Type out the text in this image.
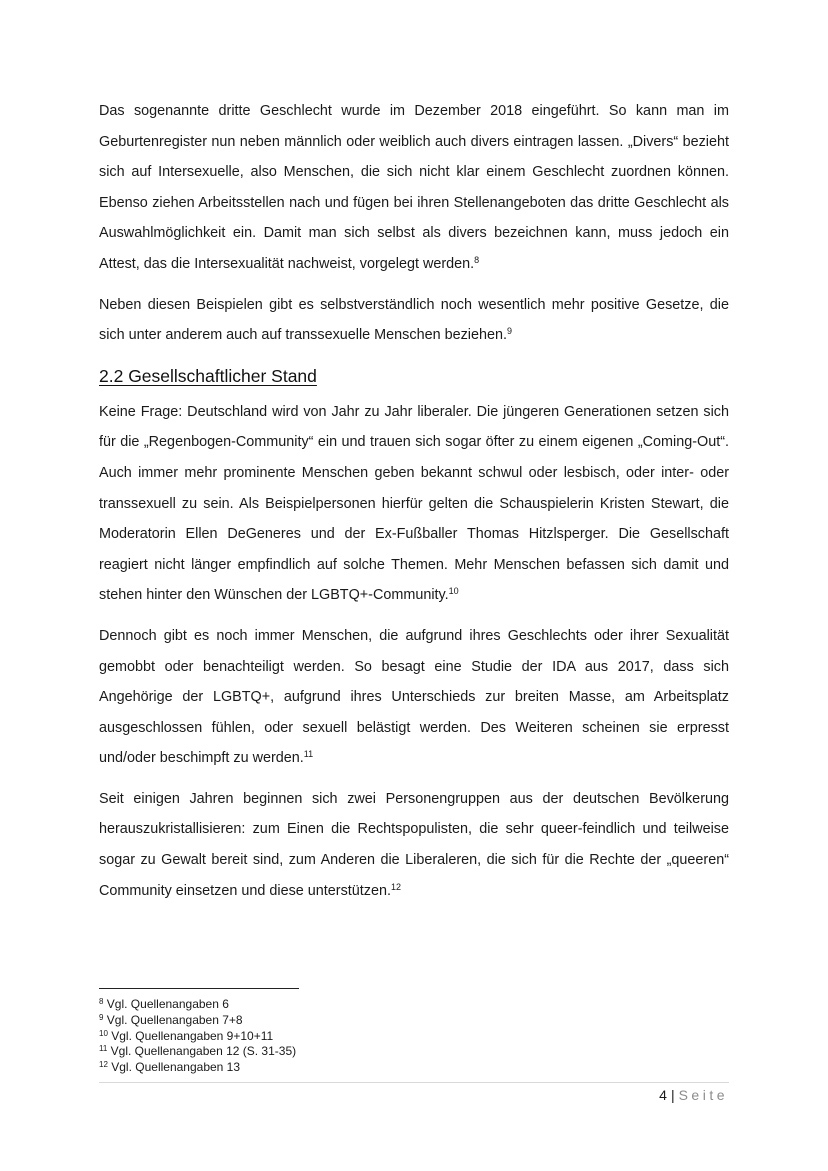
Das sogenannte dritte Geschlecht wurde im Dezember 2018 eingeführt. So kann man im Geburtenregister nun neben männlich oder weiblich auch divers eintragen lassen. „Divers“ bezieht sich auf Intersexuelle, also Menschen, die sich nicht klar einem Geschlecht zuordnen können. Ebenso ziehen Arbeitsstellen nach und fügen bei ihren Stellenangeboten das dritte Geschlecht als Auswahlmöglichkeit ein. Damit man sich selbst als divers bezeichnen kann, muss jedoch ein Attest, das die Intersexualität nachweist, vorgelegt werden.$^8$

Neben diesen Beispielen gibt es selbstverständlich noch wesentlich mehr positive Gesetze, die sich unter anderem auch auf transsexuelle Menschen beziehen.$^9$

2.2 Gesellschaftlicher Stand

Keine Frage: Deutschland wird von Jahr zu Jahr liberaler. Die jüngeren Generationen setzen sich für die „Regenbogen-Community“ ein und trauen sich sogar öfter zu einem eigenen „Coming-Out“. Auch immer mehr prominente Menschen geben bekannt schwul oder lesbisch, oder inter- oder transsexuell zu sein. Als Beispielpersonen hierfür gelten die Schauspielerin Kristen Stewart, die Moderatorin Ellen DeGeneres und der Ex-Fußballer Thomas Hitzlsperger. Die Gesellschaft reagiert nicht länger empfindlich auf solche Themen. Mehr Menschen befassen sich damit und stehen hinter den Wünschen der LGBTQ+-Community.$^{10}$

Dennoch gibt es noch immer Menschen, die aufgrund ihres Geschlechts oder ihrer Sexualität gemobbt oder benachteiligt werden. So besagt eine Studie der IDA aus 2017, dass sich Angehörige der LGBTQ+, aufgrund ihres Unterschieds zur breiten Masse, am Arbeitsplatz ausgeschlossen fühlen, oder sexuell belästigt werden. Des Weiteren scheinen sie erpresst und/oder beschimpft zu werden.$^{11}$

Seit einigen Jahren beginnen sich zwei Personengruppen aus der deutschen Bevölkerung herauszukristallisieren: zum Einen die Rechtspopulisten, die sehr queer-feindlich und teilweise sogar zu Gewalt bereit sind, zum Anderen die Liberaleren, die sich für die Rechte der „queeren“ Community einsetzen und diese unterstützen.$^{12}$

$^8$ Vgl. Quellenangaben 6

$^9$ Vgl. Quellenangaben 7+8

$^{10}$ Vgl. Quellenangaben 9+10+11

$^{11}$ Vgl. Quellenangaben 12 (S. 31-35)

$^{12}$ Vgl. Quellenangaben 13

4 | Seite
